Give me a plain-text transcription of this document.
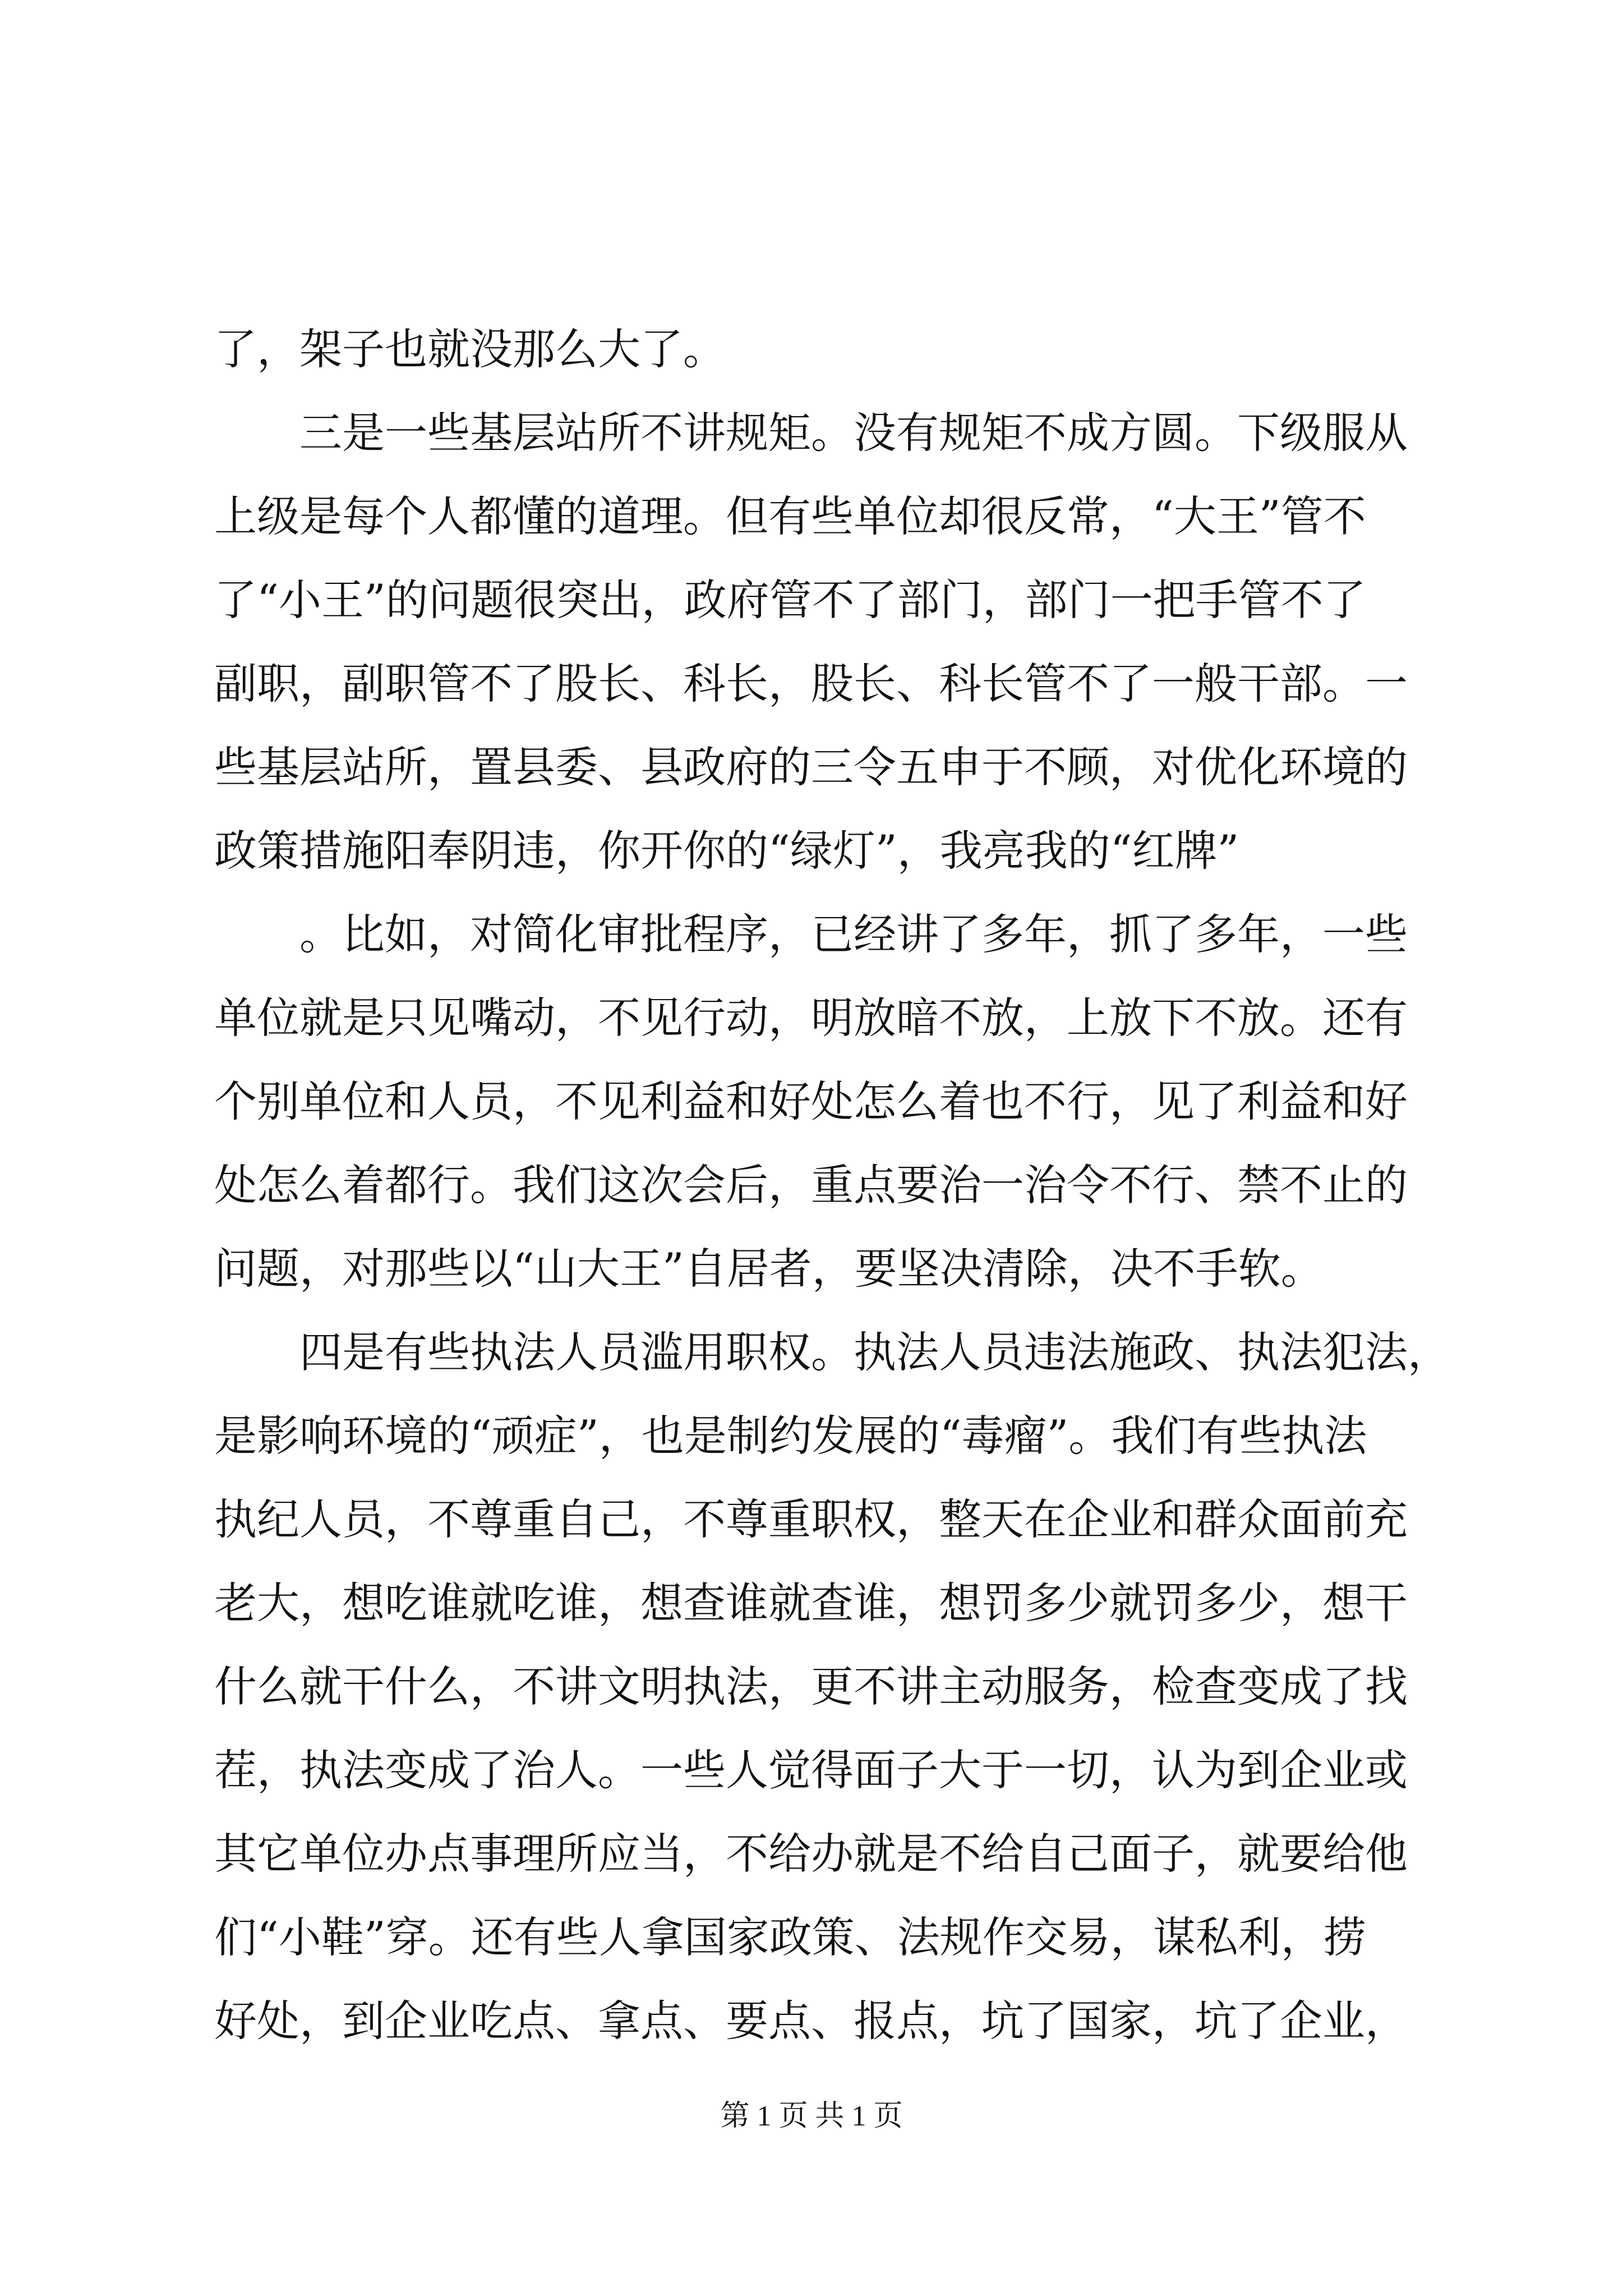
了，架子也就没那么大了。
三是一些基层站所不讲规矩。没有规矩不成方圆。下级服从
上级是每个人都懂的道理。但有些单位却很反常，“大王”管不
了“小王”的问题很突出，政府管不了部门，部门一把手管不了
副职，副职管不了股长、科长，股长、科长管不了一般干部。一
些基层站所，置县委、县政府的三令五申于不顾，对优化环境的
政策措施阳奉阴违，你开你的“绿灯”，我亮我的“红牌”
。比如，对简化审批程序，已经讲了多年，抓了多年，一些
单位就是只见嘴动，不见行动，明放暗不放，上放下不放。还有
个别单位和人员，不见利益和好处怎么着也不行，见了利益和好
处怎么着都行。我们这次会后，重点要治一治令不行、禁不止的
问题，对那些以“山大王”自居者，要坚决清除，决不手软。
四是有些执法人员滥用职权。执法人员违法施政、执法犯法，
是影响环境的“顽症”，也是制约发展的“毒瘤”。我们有些执法
执纪人员，不尊重自己，不尊重职权，整天在企业和群众面前充
老大，想吃谁就吃谁，想查谁就查谁，想罚多少就罚多少，想干
什么就干什么，不讲文明执法，更不讲主动服务，检查变成了找
茬，执法变成了治人。一些人觉得面子大于一切，认为到企业或
其它单位办点事理所应当，不给办就是不给自己面子，就要给他
们“小鞋”穿。还有些人拿国家政策、法规作交易，谋私利，捞
好处，到企业吃点、拿点、要点、报点，坑了国家，坑了企业，
第 1 页 共 1 页
